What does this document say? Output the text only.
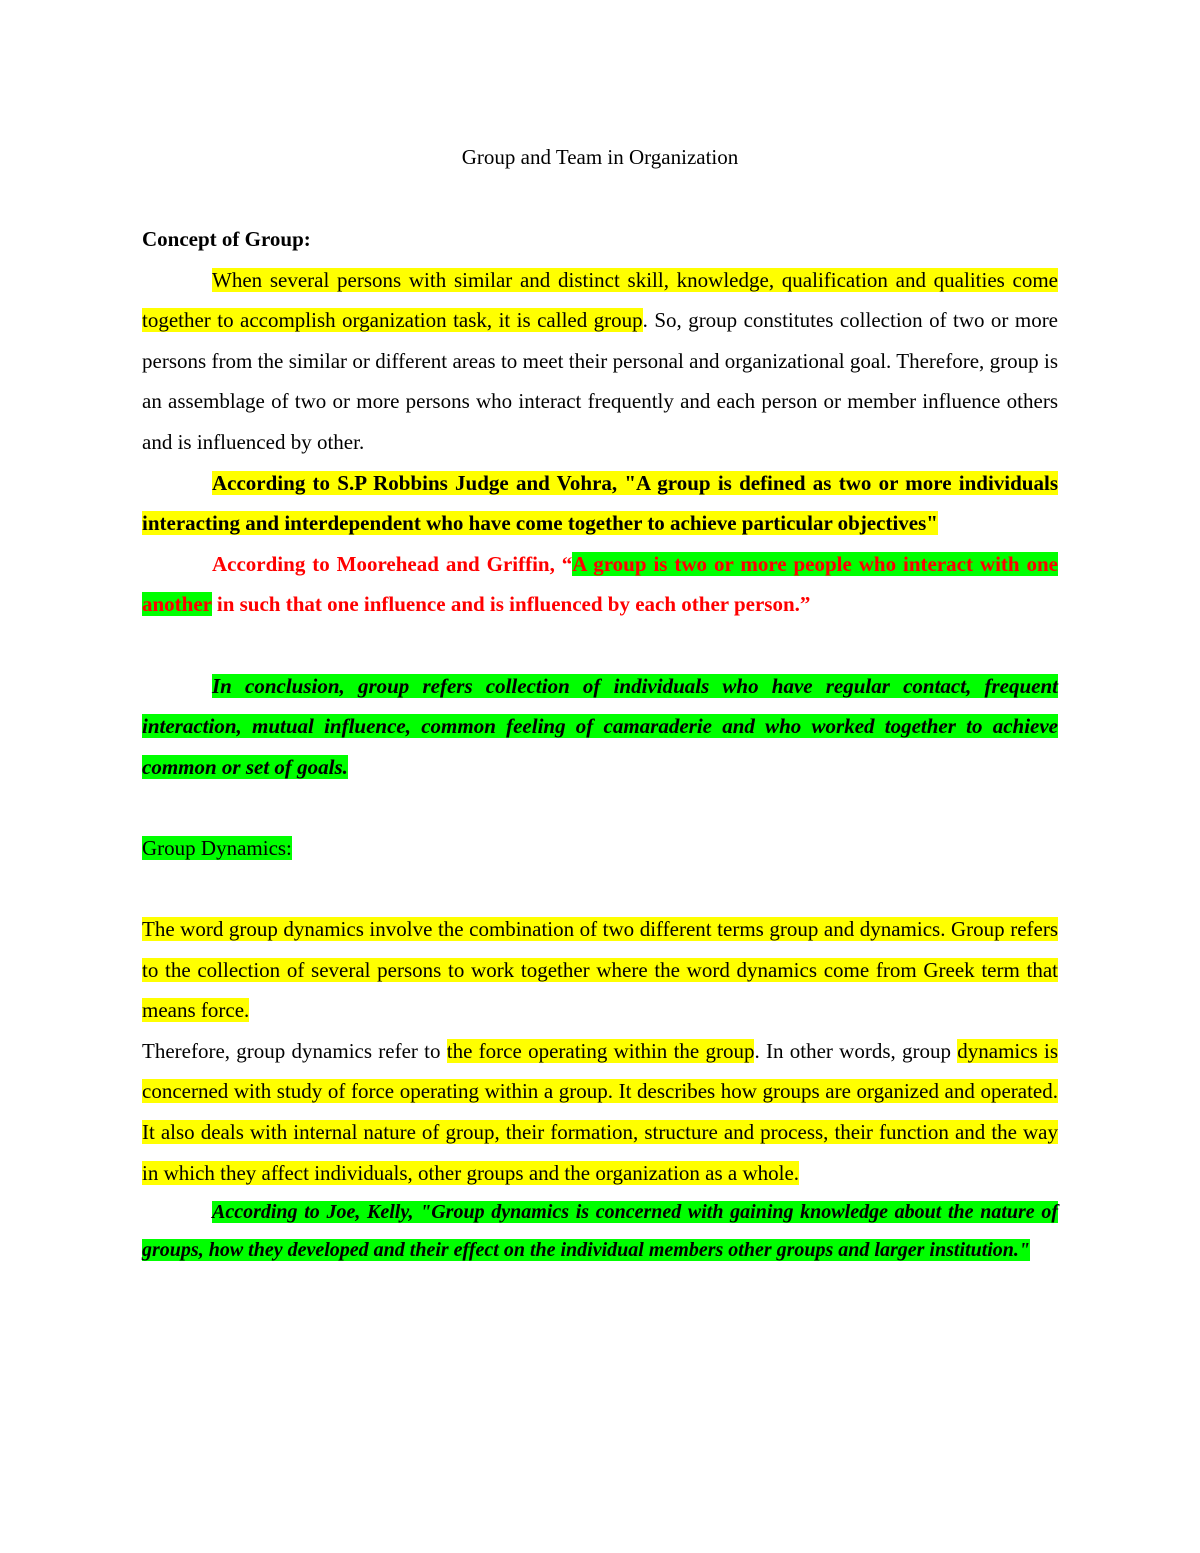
Group and Team in Organization

Concept of Group:

When several persons with similar and distinct skill, knowledge, qualification and qualities come together to accomplish organization task, it is called group. So, group constitutes collection of two or more persons from the similar or different areas to meet their personal and organizational goal. Therefore, group is an assemblage of two or more persons who interact frequently and each person or member influence others and is influenced by other.

According to S.P Robbins Judge and Vohra, "A group is defined as two or more individuals interacting and interdependent who have come together to achieve particular objectives"

According to Moorehead and Griffin, “A group is two or more people who interact with one another in such that one influence and is influenced by each other person.”

In conclusion, group refers collection of individuals who have regular contact, frequent interaction, mutual influence, common feeling of camaraderie and who worked together to achieve common or set of goals.

Group Dynamics:

The word group dynamics involve the combination of two different terms group and dynamics. Group refers to the collection of several persons to work together where the word dynamics come from Greek term that means force.

Therefore, group dynamics refer to the force operating within the group. In other words, group dynamics is concerned with study of force operating within a group. It describes how groups are organized and operated. It also deals with internal nature of group, their formation, structure and process, their function and the way in which they affect individuals, other groups and the organization as a whole.

According to Joe, Kelly, "Group dynamics is concerned with gaining knowledge about the nature of groups, how they developed and their effect on the individual members other groups and larger institution."
